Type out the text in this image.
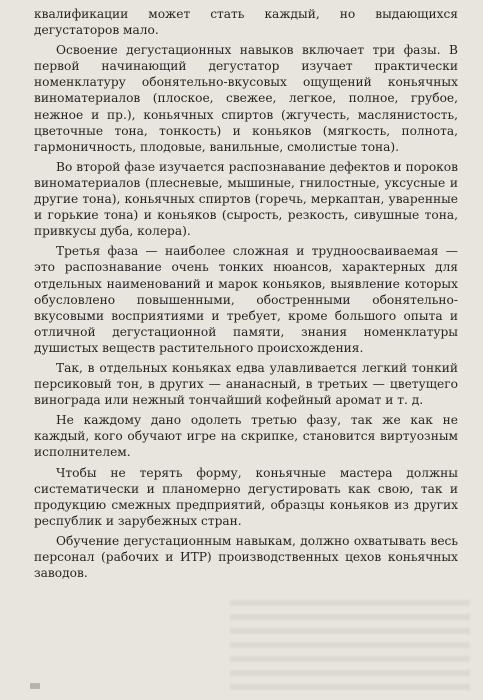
квалификации может стать каждый, но выдающихся дегустаторов мало.

Освоение дегустационных навыков включает три фазы. В первой начинающий дегустатор изучает практически номенклатуру обонятельно-вкусовых ощущений коньячных виноматериалов (плоское, свежее, легкое, полное, грубое, нежное и пр.), коньячных спиртов (жгучесть, маслянистость, цветочные тона, тонкость) и коньяков (мягкость, полнота, гармоничность, плодовые, ванильные, смолистые тона).

Во второй фазе изучается распознавание дефектов и пороков виноматериалов (плесневые, мышиные, гнилостные, уксусные и другие тона), коньячных спиртов (горечь, меркаптан, уваренные и горькие тона) и коньяков (сырость, резкость, сивушные тона, привкусы дуба, колера).

Третья фаза — наиболее сложная и трудноосваиваемая — это распознавание очень тонких нюансов, характерных для отдельных наименований и марок коньяков, выявление которых обусловлено повышенными, обостренными обонятельно-вкусовыми восприятиями и требует, кроме большого опыта и отличной дегустационной памяти, знания номенклатуры душистых веществ растительного происхождения.

Так, в отдельных коньяках едва улавливается легкий тонкий персиковый тон, в других — ананасный, в третьих — цветущего винограда или нежный тончайший кофейный аромат и т. д.

Не каждому дано одолеть третью фазу, так же как не каждый, кого обучают игре на скрипке, становится виртуозным исполнителем.

Чтобы не терять форму, коньячные мастера должны систематически и планомерно дегустировать как свою, так и продукцию смежных предприятий, образцы коньяков из других республик и зарубежных стран.

Обучение дегустационным навыкам, должно охватывать весь персонал (рабочих и ИТР) производственных цехов коньячных заводов.
